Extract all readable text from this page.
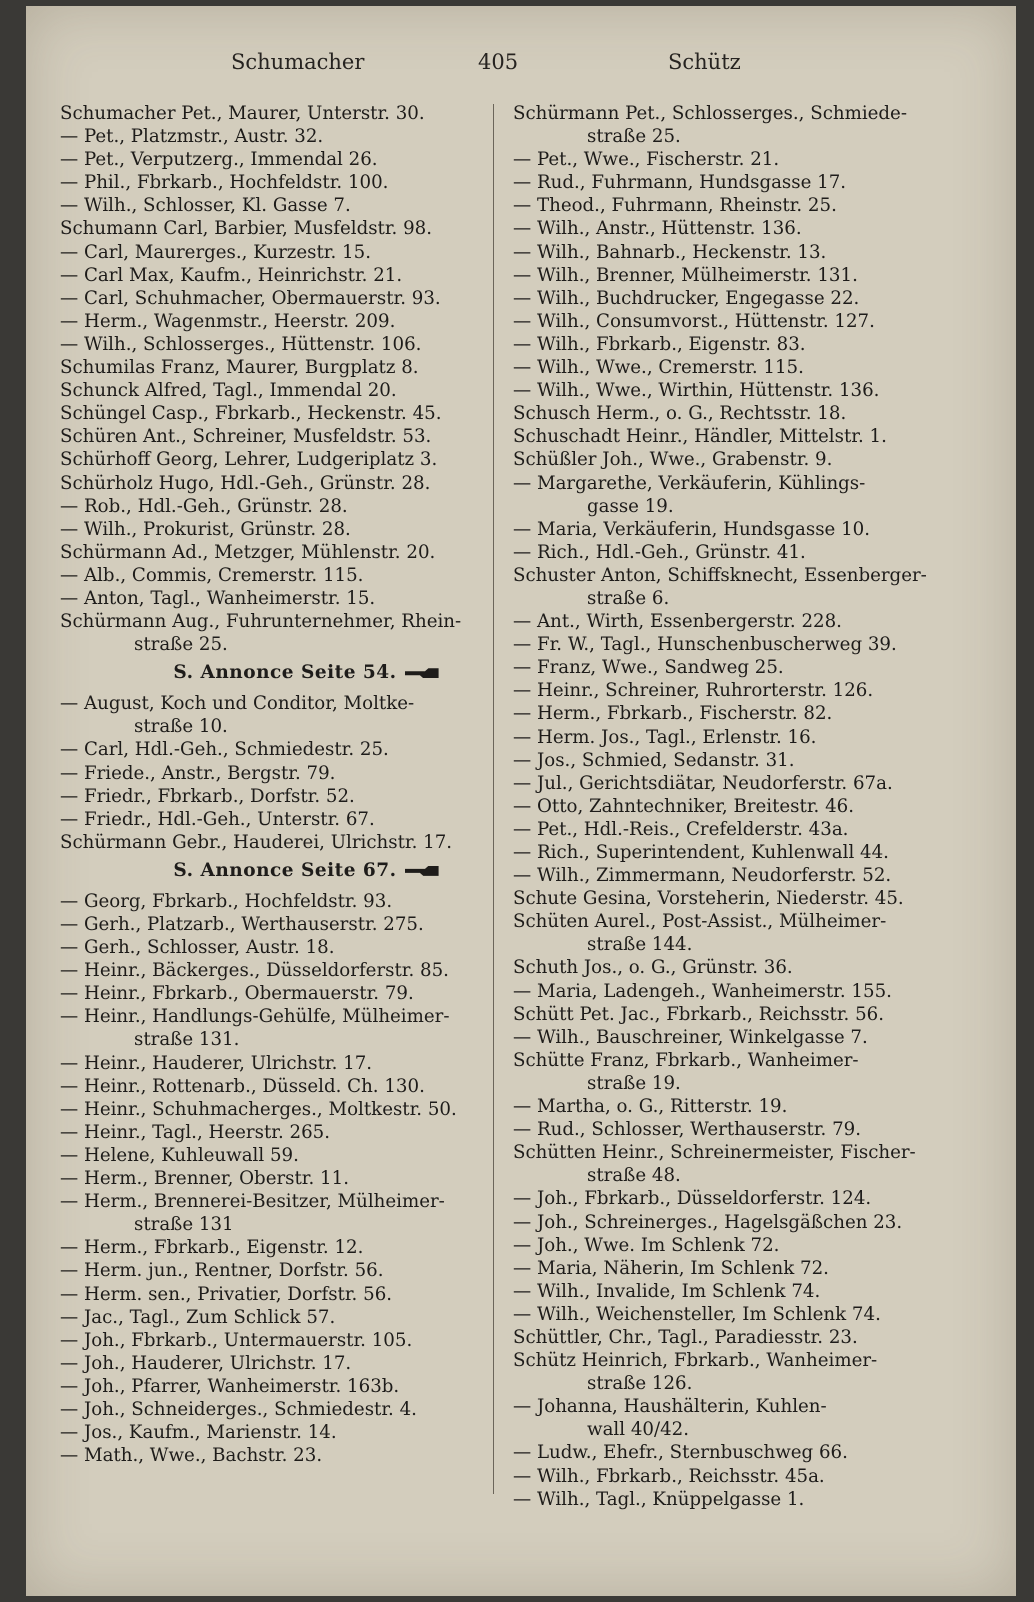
Schumacher	405	Schütz
Schumacher Pet., Maurer, Unterstr. 30.
— Pet., Platzmstr., Austr. 32.
— Pet., Verputzerg., Immendal 26.
— Phil., Fbrkarb., Hochfeldstr. 100.
— Wilh., Schlosser, Kl. Gasse 7.
Schumann Carl, Barbier, Musfeldstr. 98.
— Carl, Maurerges., Kurzestr. 15.
— Carl Max, Kaufm., Heinrichstr. 21.
— Carl, Schuhmacher, Obermauerstr. 93.
— Herm., Wagenmstr., Heerstr. 209.
— Wilh., Schlosserges., Hüttenstr. 106.
Schumilas Franz, Maurer, Burgplatz 8.
Schunck Alfred, Tagl., Immendal 20.
Schüngel Casp., Fbrkarb., Heckenstr. 45.
Schüren Ant., Schreiner, Musfeldstr. 53.
Schürhoff Georg, Lehrer, Ludgeriplatz 3.
Schürholz Hugo, Hdl.-Geh., Grünstr. 28.
— Rob., Hdl.-Geh., Grünstr. 28.
— Wilh., Prokurist, Grünstr. 28.
Schürmann Ad., Metzger, Mühlenstr. 20.
— Alb., Commis, Cremerstr. 115.
— Anton, Tagl., Wanheimerstr. 15.
Schürmann Aug., Fuhrunternehmer, Rhein-
straße 25.
S. Annonce Seite 54.
— August, Koch und Conditor, Moltke-
straße 10.
— Carl, Hdl.-Geh., Schmiedestr. 25.
— Friede., Anstr., Bergstr. 79.
— Friedr., Fbrkarb., Dorfstr. 52.
— Friedr., Hdl.-Geh., Unterstr. 67.
Schürmann Gebr., Hauderei, Ulrichstr. 17.
S. Annonce Seite 67.
— Georg, Fbrkarb., Hochfeldstr. 93.
— Gerh., Platzarb., Werthauserstr. 275.
— Gerh., Schlosser, Austr. 18.
— Heinr., Bäckerges., Düsseldorferstr. 85.
— Heinr., Fbrkarb., Obermauerstr. 79.
— Heinr., Handlungs-Gehülfe, Mülheimer-
straße 131.
— Heinr., Hauderer, Ulrichstr. 17.
— Heinr., Rottenarb., Düsseld. Ch. 130.
— Heinr., Schuhmacherges., Moltkestr. 50.
— Heinr., Tagl., Heerstr. 265.
— Helene, Kuhleuwall 59.
— Herm., Brenner, Oberstr. 11.
— Herm., Brennerei-Besitzer, Mülheimer-
straße 131
— Herm., Fbrkarb., Eigenstr. 12.
— Herm. jun., Rentner, Dorfstr. 56.
— Herm. sen., Privatier, Dorfstr. 56.
— Jac., Tagl., Zum Schlick 57.
— Joh., Fbrkarb., Untermauerstr. 105.
— Joh., Hauderer, Ulrichstr. 17.
— Joh., Pfarrer, Wanheimerstr. 163b.
— Joh., Schneiderges., Schmiedestr. 4.
— Jos., Kaufm., Marienstr. 14.
— Math., Wwe., Bachstr. 23.
Schürmann Pet., Schlosserges., Schmiede-
straße 25.
— Pet., Wwe., Fischerstr. 21.
— Rud., Fuhrmann, Hundsgasse 17.
— Theod., Fuhrmann, Rheinstr. 25.
— Wilh., Anstr., Hüttenstr. 136.
— Wilh., Bahnarb., Heckenstr. 13.
— Wilh., Brenner, Mülheimerstr. 131.
— Wilh., Buchdrucker, Engegasse 22.
— Wilh., Consumvorst., Hüttenstr. 127.
— Wilh., Fbrkarb., Eigenstr. 83.
— Wilh., Wwe., Cremerstr. 115.
— Wilh., Wwe., Wirthin, Hüttenstr. 136.
Schusch Herm., o. G., Rechtsstr. 18.
Schuschadt Heinr., Händler, Mittelstr. 1.
Schüßler Joh., Wwe., Grabenstr. 9.
— Margarethe, Verkäuferin, Kühlings-
gasse 19.
— Maria, Verkäuferin, Hundsgasse 10.
— Rich., Hdl.-Geh., Grünstr. 41.
Schuster Anton, Schiffsknecht, Essenberger-
straße 6.
— Ant., Wirth, Essenbergerstr. 228.
— Fr. W., Tagl., Hunschenbuscherweg 39.
— Franz, Wwe., Sandweg 25.
— Heinr., Schreiner, Ruhrorterstr. 126.
— Herm., Fbrkarb., Fischerstr. 82.
— Herm. Jos., Tagl., Erlenstr. 16.
— Jos., Schmied, Sedanstr. 31.
— Jul., Gerichtsdiätar, Neudorferstr. 67a.
— Otto, Zahntechniker, Breitestr. 46.
— Pet., Hdl.-Reis., Crefelderstr. 43a.
— Rich., Superintendent, Kuhlenwall 44.
— Wilh., Zimmermann, Neudorferstr. 52.
Schute Gesina, Vorsteherin, Niederstr. 45.
Schüten Aurel., Post-Assist., Mülheimer-
straße 144.
Schuth Jos., o. G., Grünstr. 36.
— Maria, Ladengeh., Wanheimerstr. 155.
Schütt Pet. Jac., Fbrkarb., Reichsstr. 56.
— Wilh., Bauschreiner, Winkelgasse 7.
Schütte Franz, Fbrkarb., Wanheimer-
straße 19.
— Martha, o. G., Ritterstr. 19.
— Rud., Schlosser, Werthauserstr. 79.
Schütten Heinr., Schreinermeister, Fischer-
straße 48.
— Joh., Fbrkarb., Düsseldorferstr. 124.
— Joh., Schreinerges., Hagelsgäßchen 23.
— Joh., Wwe. Im Schlenk 72.
— Maria, Näherin, Im Schlenk 72.
— Wilh., Invalide, Im Schlenk 74.
— Wilh., Weichensteller, Im Schlenk 74.
Schüttler, Chr., Tagl., Paradiesstr. 23.
Schütz Heinrich, Fbrkarb., Wanheimer-
straße 126.
— Johanna, Haushälterin, Kuhlen-
wall 40/42.
— Ludw., Ehefr., Sternbuschweg 66.
— Wilh., Fbrkarb., Reichsstr. 45a.
— Wilh., Tagl., Knüppelgasse 1.
